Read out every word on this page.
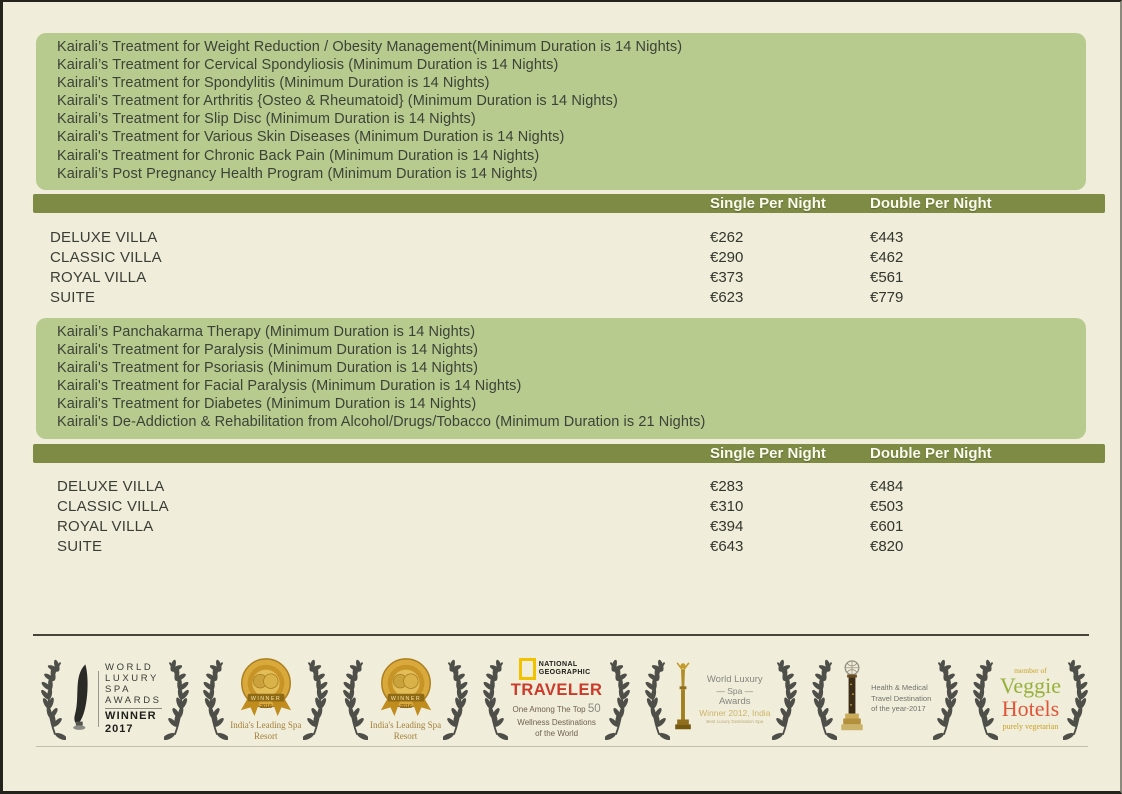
Kairali’s Treatment for Weight Reduction / Obesity Management(Minimum Duration is 14 Nights)
Kairali’s Treatment for Cervical Spondyliosis (Minimum Duration is 14 Nights)
Kairali's Treatment for Spondylitis (Minimum Duration is 14 Nights)
Kairali's Treatment for Arthritis {Osteo & Rheumatoid} (Minimum Duration is 14 Nights)
Kairali’s Treatment for Slip Disc (Minimum Duration is 14 Nights)
Kairali's Treatment for Various Skin Diseases (Minimum Duration is 14 Nights)
Kairali's Treatment for Chronic Back Pain (Minimum Duration is 14 Nights)
Kairali’s Post Pregnancy Health Program (Minimum Duration is 14 Nights)
Single Per Night	Double Per Night
DELUXE VILLA	€262	€443
CLASSIC VILLA	€290	€462
ROYAL VILLA	€373	€561
SUITE	€623	€779
Kairali’s Panchakarma Therapy (Minimum Duration is 14 Nights)
Kairali's Treatment for Paralysis (Minimum Duration is 14 Nights)
Kairali's Treatment for Psoriasis (Minimum Duration is 14 Nights)
Kairali's Treatment for Facial Paralysis (Minimum Duration is 14 Nights)
Kairali's Treatment for Diabetes (Minimum Duration is 14 Nights)
Kairali's De-Addiction & Rehabilitation from Alcohol/Drugs/Tobacco (Minimum Duration is 21 Nights)
Single Per Night	Double Per Night
DELUXE VILLA	€283	€484
CLASSIC VILLA	€310	€503
ROYAL VILLA	€394	€601
SUITE	€643	€820
WORLD
LUXURY
SPA
AWARDS
WINNER
2017
WINNER
2016
India's Leading Spa
Resort
WINNER
2016
India's Leading Spa
Resort
NATIONAL
GEOGRAPHIC
TRAVELER
One Among The Top 50
Wellness Destinations
of the World
World Luxury
— Spa —
Awards
Winner 2012, India
Best Luxury Destination Spa
Health & Medical
Travel Destination
of the year-2017
member of
Veggie
Hotels
purely vegetarian
